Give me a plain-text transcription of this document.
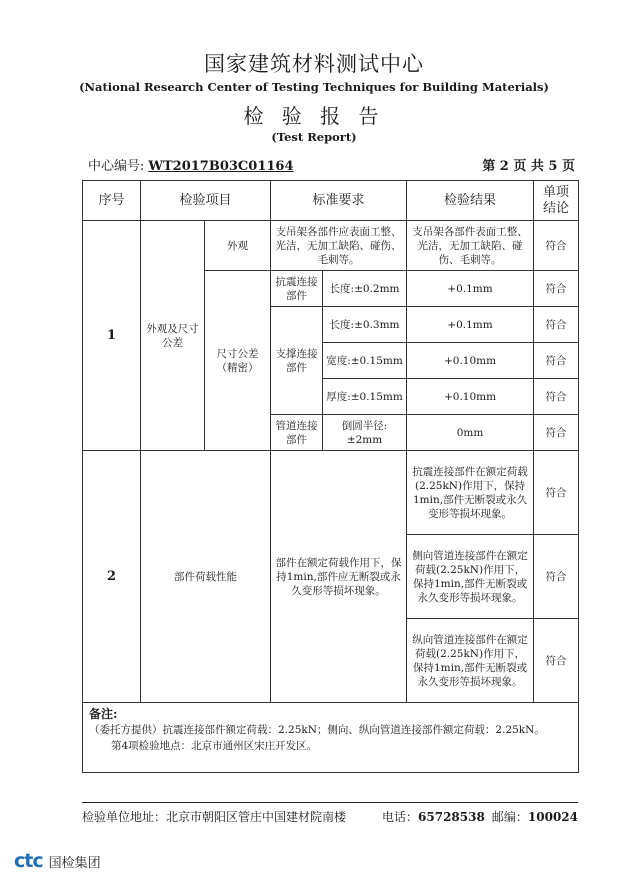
国家建筑材料测试中心
(National Research Center of Testing Techniques for Building Materials)
检 验 报 告
(Test Report)
中心编号: WT2017B03C01164	第 2 页 共 5 页
序号	检验项目		标准要求		检验结果	单项结论
1	外观及尺寸公差	外观	支吊架各部件应表面工整、光洁，无加工缺陷、碰伤、毛刺等。		支吊架各部件表面工整、光洁，无加工缺陷、碰伤、毛刺等。	符合
		尺寸公差（精密）	抗震连接部件	长度:±0.2mm	+0.1mm	符合
			支撑连接部件	长度:±0.3mm	+0.1mm	符合
				宽度:±0.15mm	+0.10mm	符合
				厚度:±0.15mm	+0.10mm	符合
			管道连接部件	倒圆半径:±2mm	0mm	符合
2	部件荷载性能		部件在额定荷载作用下，保持1min,部件应无断裂或永久变形等损坏现象。		抗震连接部件在额定荷载(2.25kN)作用下，保持1min,部件无断裂或永久变形等损坏现象。	符合
					侧向管道连接部件在额定荷载(2.25kN)作用下，保持1min,部件无断裂或永久变形等损坏现象。	符合
					纵向管道连接部件在额定荷载(2.25kN)作用下，保持1min,部件无断裂或永久变形等损坏现象。	符合

备注:
（委托方提供）抗震连接部件额定荷载：2.25kN；侧向、纵向管道连接部件额定荷载：2.25kN。
第4项检验地点：北京市通州区宋庄开发区。						
检验单位地址：北京市朝阳区管庄中国建材院南楼	电话：65728538 邮编：100024
ctc 国检集团
